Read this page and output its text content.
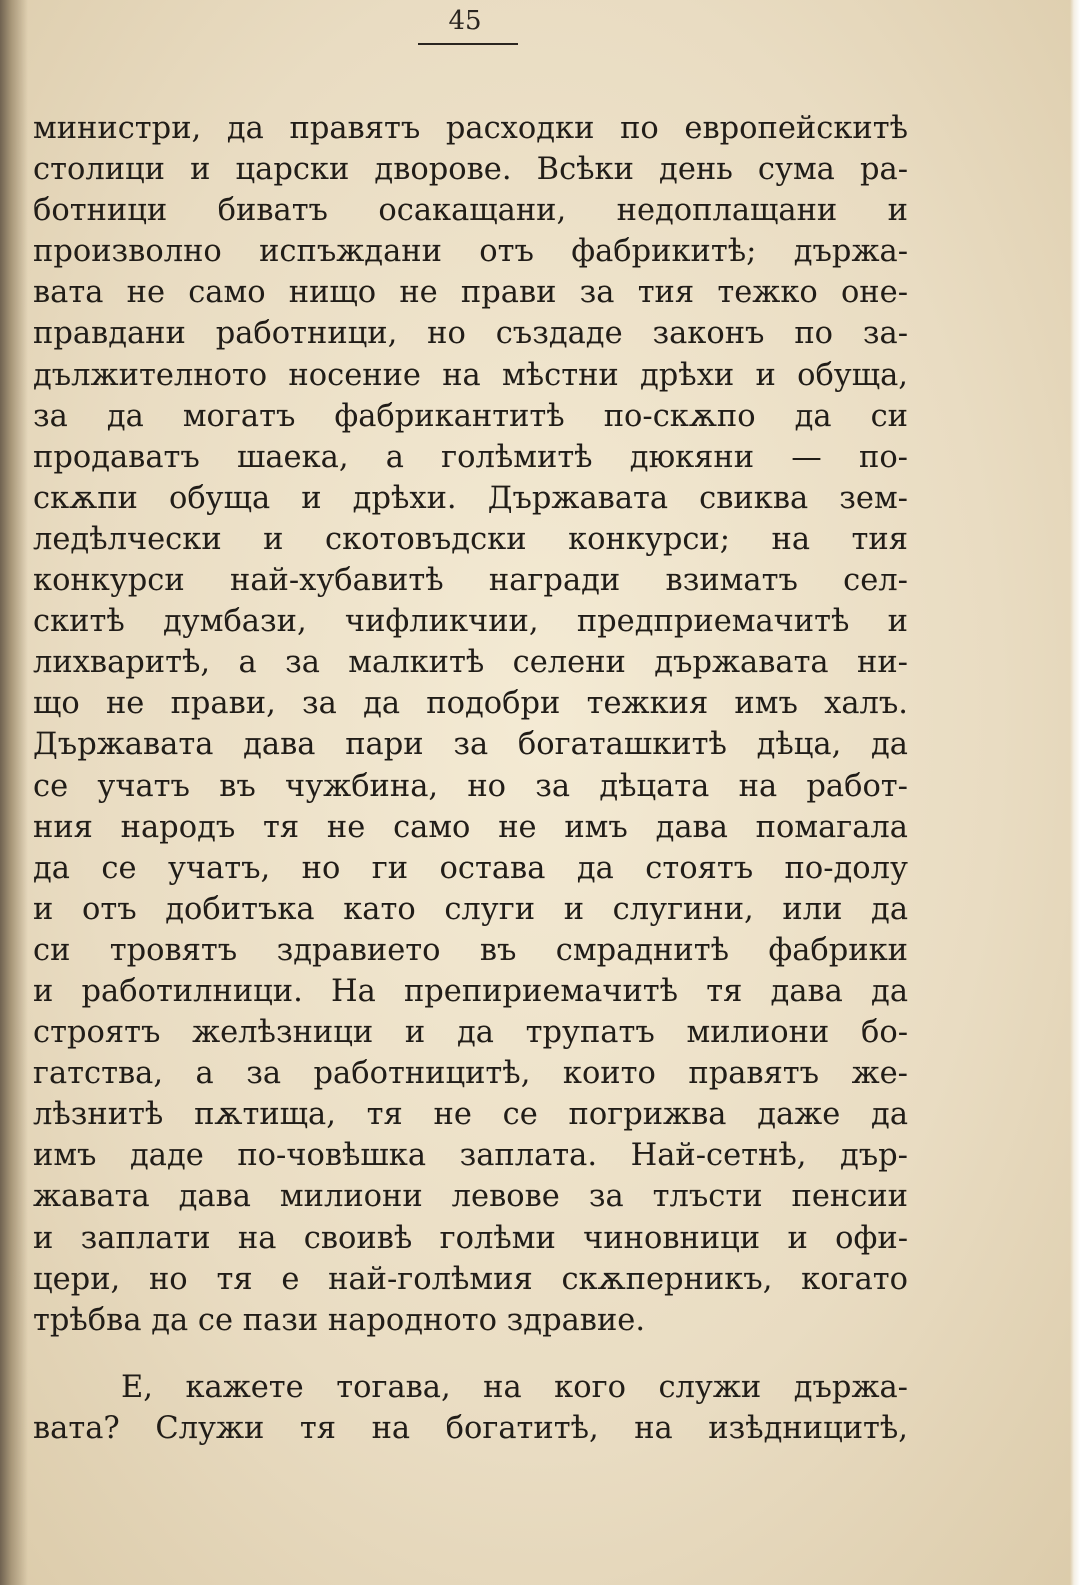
45
министри, да правятъ расходки по европейскитѣ
столици и царски дворове. Всѣки день сума ра-
ботници биватъ осакащани, недоплащани и
произволно испъждани отъ фабрикитѣ; държа-
вата не само нищо не прави за тия тежко оне-
правдани работници, но създаде законъ по за-
дължителното носение на мѣстни дрѣхи и обуща,
за да могатъ фабрикантитѣ по-скѫпо да си
продаватъ шаека, а голѣмитѣ дюкяни — по-
скѫпи обуща и дрѣхи. Държавата свиква зем-
ледѣлчески и скотовъдски конкурси; на тия
конкурси най-хубавитѣ награди взиматъ сел-
скитѣ думбази, чифликчии, предприемачитѣ и
лихваритѣ, а за малкитѣ селени държавата ни-
що не прави, за да подобри тежкия имъ халъ.
Държавата дава пари за богаташкитѣ дѣца, да
се учатъ въ чужбина, но за дѣцата на работ-
ния народъ тя не само не имъ дава помагала
да се учатъ, но ги остава да стоятъ по-долу
и отъ добитъка като слуги и слугини, или да
си тровятъ здравието въ смраднитѣ фабрики
и работилници. На препириемачитѣ тя дава да
строятъ желѣзници и да трупатъ милиони бо-
гатства, а за работницитѣ, които правятъ же-
лѣзнитѣ пѫтища, тя не се погрижва даже да
имъ даде по-човѣшка заплата. Най-сетнѣ, дър-
жавата дава милиони левове за тлъсти пенсии
и заплати на своивѣ голѣми чиновници и офи-
цери, но тя е най-голѣмия скѫперникъ, когато
трѣбва да се пази народното здравие.
Е, кажете тогава, на кого служи държа-
вата? Служи тя на богатитѣ, на изѣдницитѣ,
